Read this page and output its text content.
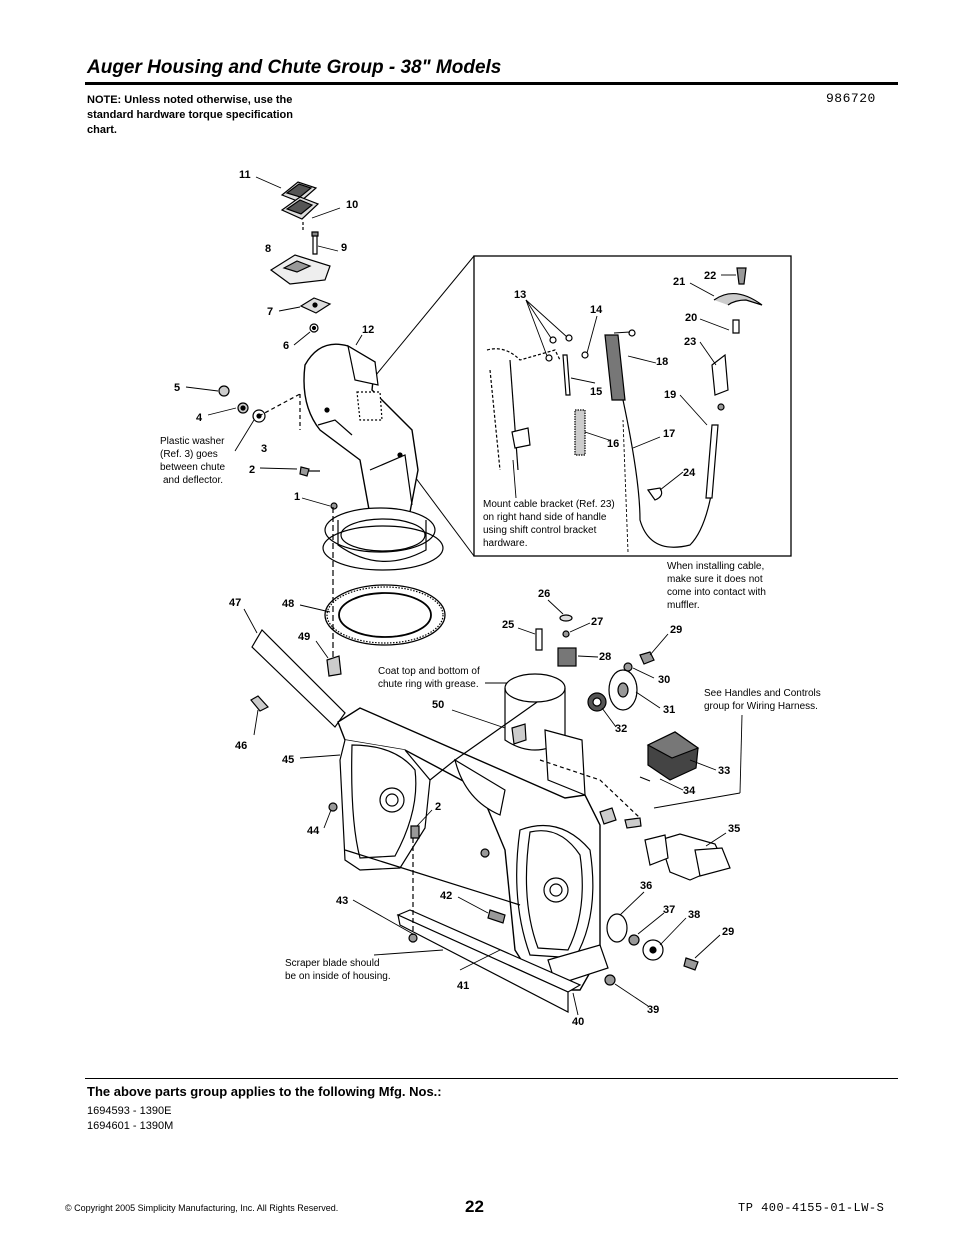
Auger Housing and Chute Group - 38" Models
NOTE: Unless noted otherwise, use the standard hardware torque specification chart.
986720
11
10
8	9
7
6
12
5
4
3
2
1
47	48
49
46
45
44
2
43	42
41
40
39
50
25
26
27
28
29
30
31
32
33
34
35
36
37 38
29
13
14
18
15
16
17
19
24
23
20
21 22
Plastic washer (Ref. 3) goes between chute and deflector.
Mount cable bracket (Ref. 23) on right hand side of handle using shift control bracket hardware.
When installing cable, make sure it does not come into contact with muffler.
Coat top and bottom of chute ring with grease.
See Handles and Controls group for Wiring Harness.
Scraper blade should be on inside of housing.
The above parts group applies to the following Mfg. Nos.:
1694593 - 1390E
1694601 - 1390M
© Copyright 2005 Simplicity Manufacturing, Inc. All Rights Reserved.	22	TP 400-4155-01-LW-S
